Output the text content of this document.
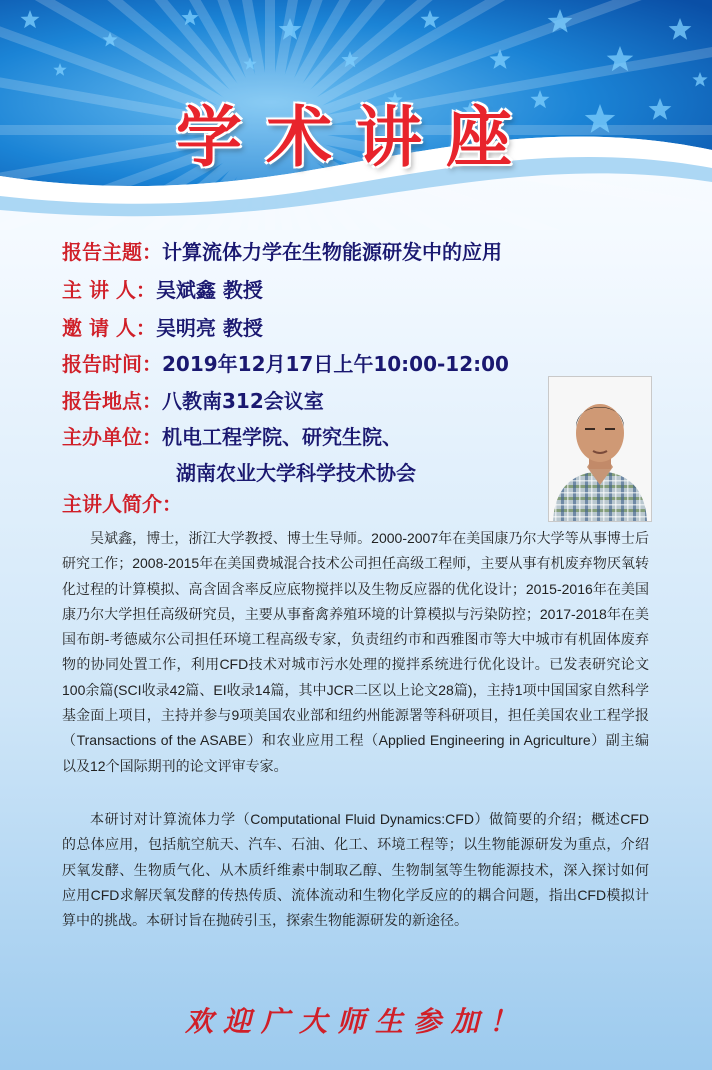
学术讲座
报告主题：计算流体力学在生物能源研发中的应用
主 讲 人：吴斌鑫 教授
邀 请 人：吴明亮 教授
报告时间：2019年12月17日上午10:00-12:00
报告地点：八教南312会议室
主办单位：机电工程学院、研究生院、
湖南农业大学科学技术协会
主讲人简介：

吴斌鑫，博士，浙江大学教授、博士生导师。2000-2007年在美国康乃尔大学等从事博士后研究工作；2008-2015年在美国费城混合技术公司担任高级工程师，主要从事有机废弃物厌氧转化过程的计算模拟、高含固含率反应底物搅拌以及生物反应器的优化设计；2015-2016年在美国康乃尔大学担任高级研究员，主要从事畜禽养殖环境的计算模拟与污染防控；2017-2018年在美国布朗-考德威尔公司担任环境工程高级专家，负责纽约市和西雅图市等大中城市有机固体废弃物的协同处置工作，利用CFD技术对城市污水处理的搅拌系统进行优化设计。已发表研究论文100余篇(SCI收录42篇、EI收录14篇，其中JCR二区以上论文28篇)，主持1项中国国家自然科学基金面上项目，主持并参与9项美国农业部和纽约州能源署等科研项目，担任美国农业工程学报（Transactions of the ASABE）和农业应用工程（Applied Engineering in Agriculture）副主编以及12个国际期刊的论文评审专家。

本研讨对计算流体力学（Computational Fluid Dynamics:CFD）做简要的介绍；概述CFD的总体应用，包括航空航天、汽车、石油、化工、环境工程等；以生物能源研发为重点，介绍厌氧发酵、生物质气化、从木质纤维素中制取乙醇、生物制氢等生物能源技术，深入探讨如何应用CFD求解厌氧发酵的传热传质、流体流动和生物化学反应的的耦合问题，指出CFD模拟计算中的挑战。本研讨旨在抛砖引玉，探索生物能源研发的新途径。

欢迎广大师生参加！
